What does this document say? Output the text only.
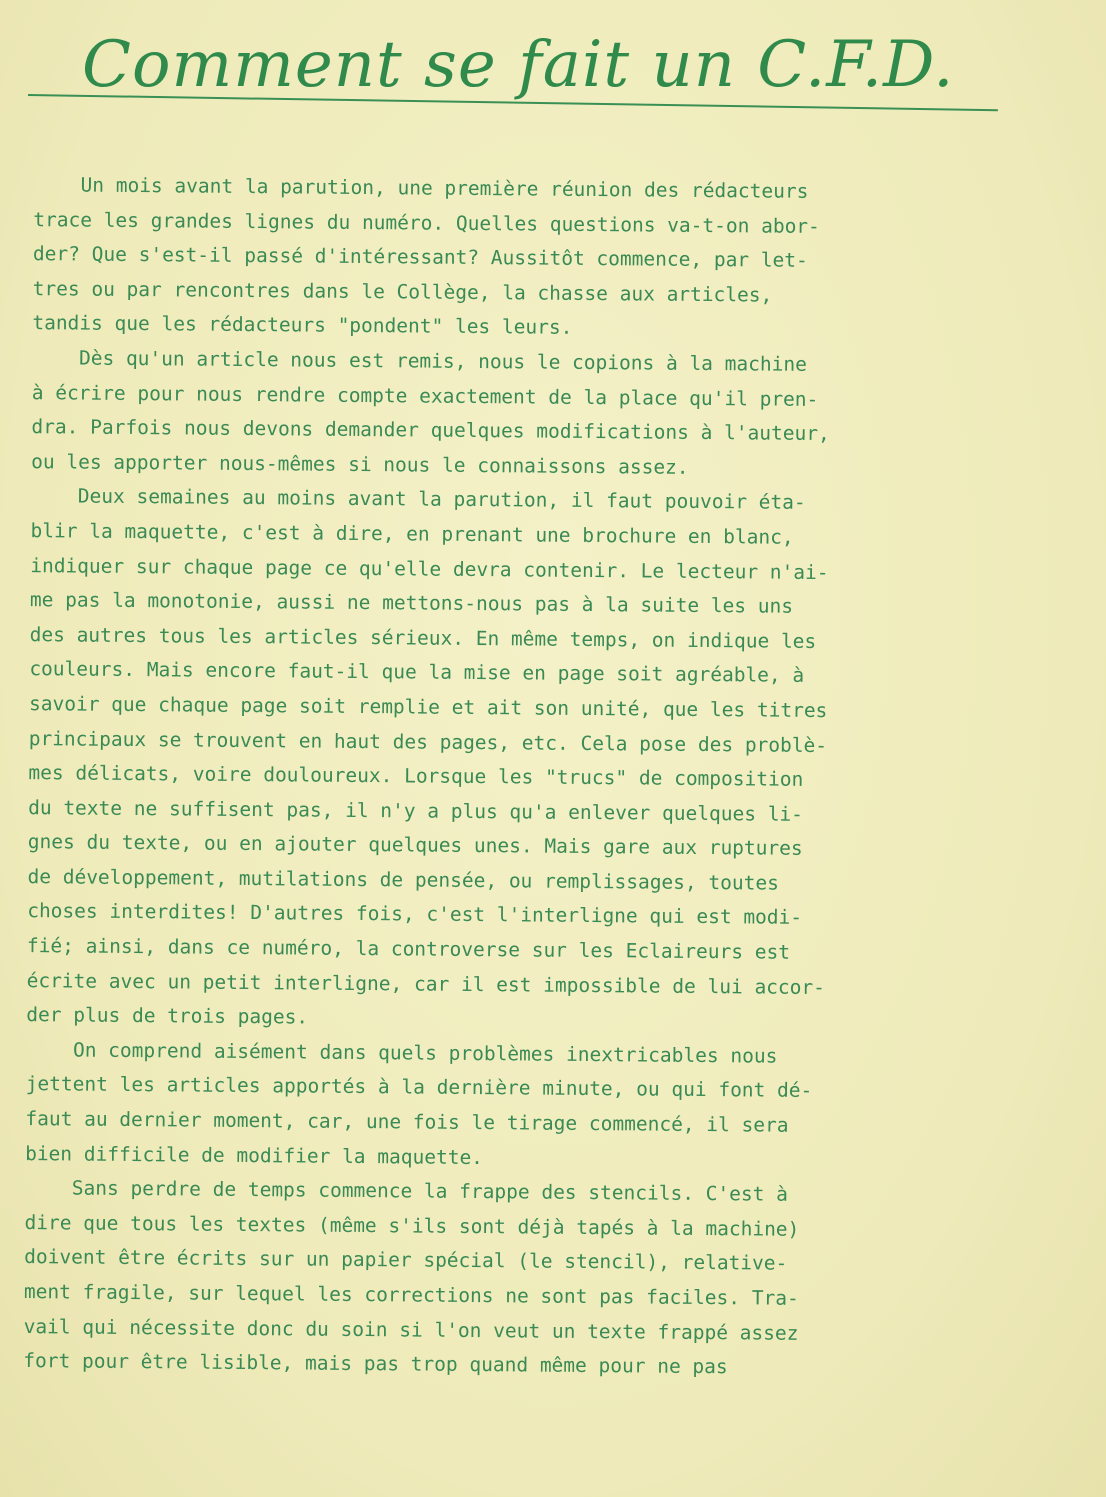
Comment se fait un C.F.D.
Un mois avant la parution, une première réunion des rédacteurs
trace les grandes lignes du numéro. Quelles questions va-t-on abor-
der? Que s'est-il passé d'intéressant? Aussitôt commence, par let-
tres ou par rencontres dans le Collège, la chasse aux articles,
tandis que les rédacteurs "pondent" les leurs.
Dès qu'un article nous est remis, nous le copions à la machine
à écrire pour nous rendre compte exactement de la place qu'il pren-
dra. Parfois nous devons demander quelques modifications à l'auteur,
ou les apporter nous-mêmes si nous le connaissons assez.
Deux semaines au moins avant la parution, il faut pouvoir éta-
blir la maquette, c'est à dire, en prenant une brochure en blanc,
indiquer sur chaque page ce qu'elle devra contenir. Le lecteur n'ai-
me pas la monotonie, aussi ne mettons-nous pas à la suite les uns
des autres tous les articles sérieux. En même temps, on indique les
couleurs. Mais encore faut-il que la mise en page soit agréable, à
savoir que chaque page soit remplie et ait son unité, que les titres
principaux se trouvent en haut des pages, etc. Cela pose des problè-
mes délicats, voire douloureux. Lorsque les "trucs" de composition
du texte ne suffisent pas, il n'y a plus qu'a enlever quelques li-
gnes du texte, ou en ajouter quelques unes. Mais gare aux ruptures
de développement, mutilations de pensée, ou remplissages, toutes
choses interdites! D'autres fois, c'est l'interligne qui est modi-
fié; ainsi, dans ce numéro, la controverse sur les Eclaireurs est
écrite avec un petit interligne, car il est impossible de lui accor-
der plus de trois pages.
On comprend aisément dans quels problèmes inextricables nous
jettent les articles apportés à la dernière minute, ou qui font dé-
faut au dernier moment, car, une fois le tirage commencé, il sera
bien difficile de modifier la maquette.
Sans perdre de temps commence la frappe des stencils. C'est à
dire que tous les textes (même s'ils sont déjà tapés à la machine)
doivent être écrits sur un papier spécial (le stencil), relative-
ment fragile, sur lequel les corrections ne sont pas faciles. Tra-
vail qui nécessite donc du soin si l'on veut un texte frappé assez
fort pour être lisible, mais pas trop quand même pour ne pas
